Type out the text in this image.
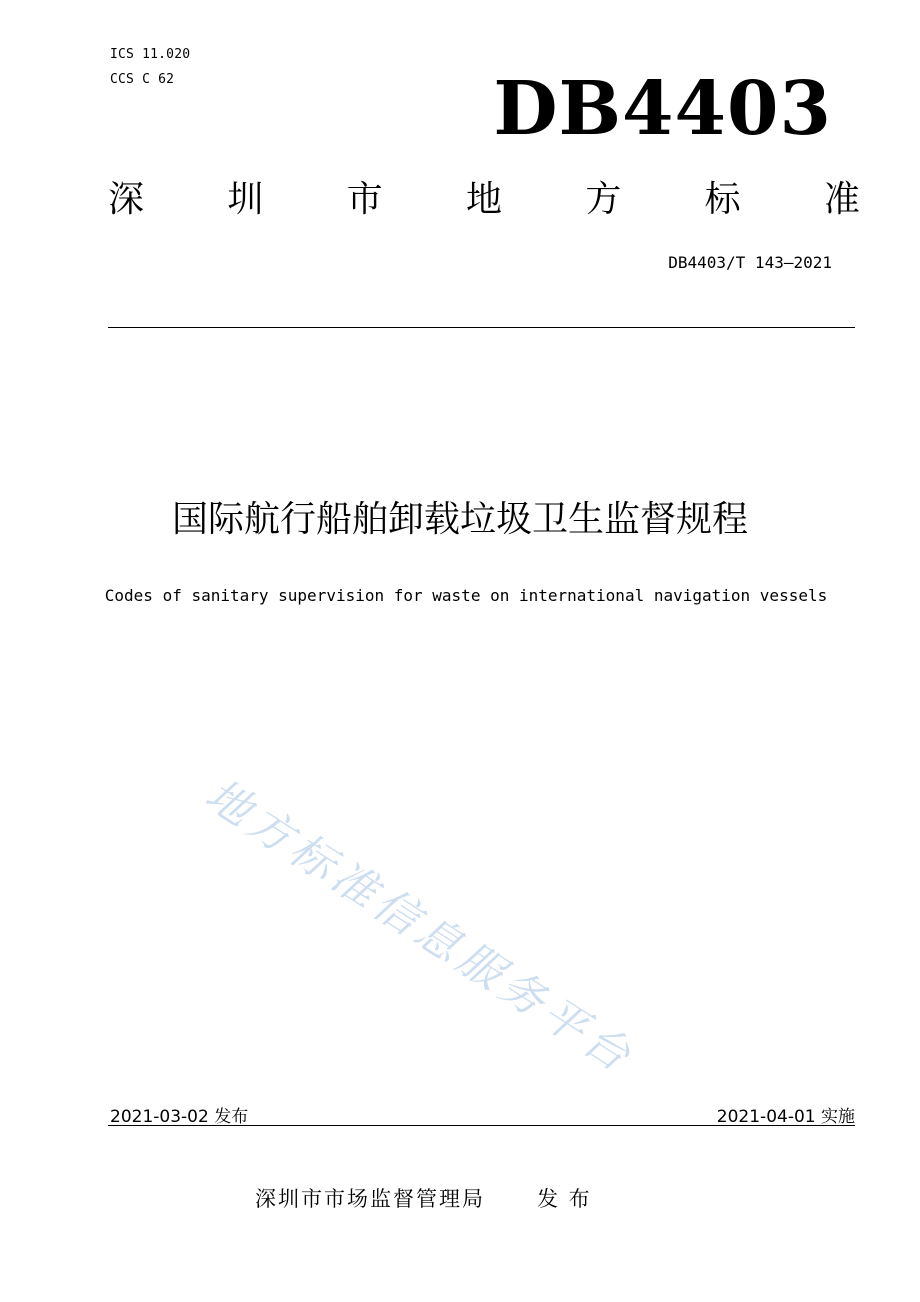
ICS 11.020
CCS C 62	DB4403
深 圳 市 地 方 标 准
DB4403/T 143—2021
国际航行船舶卸载垃圾卫生监督规程
Codes of sanitary supervision for waste on international navigation vessels
地方标准信息服务平台
2021-03-02 发布	2021-04-01 实施
深圳市市场监督管理局 发 布
